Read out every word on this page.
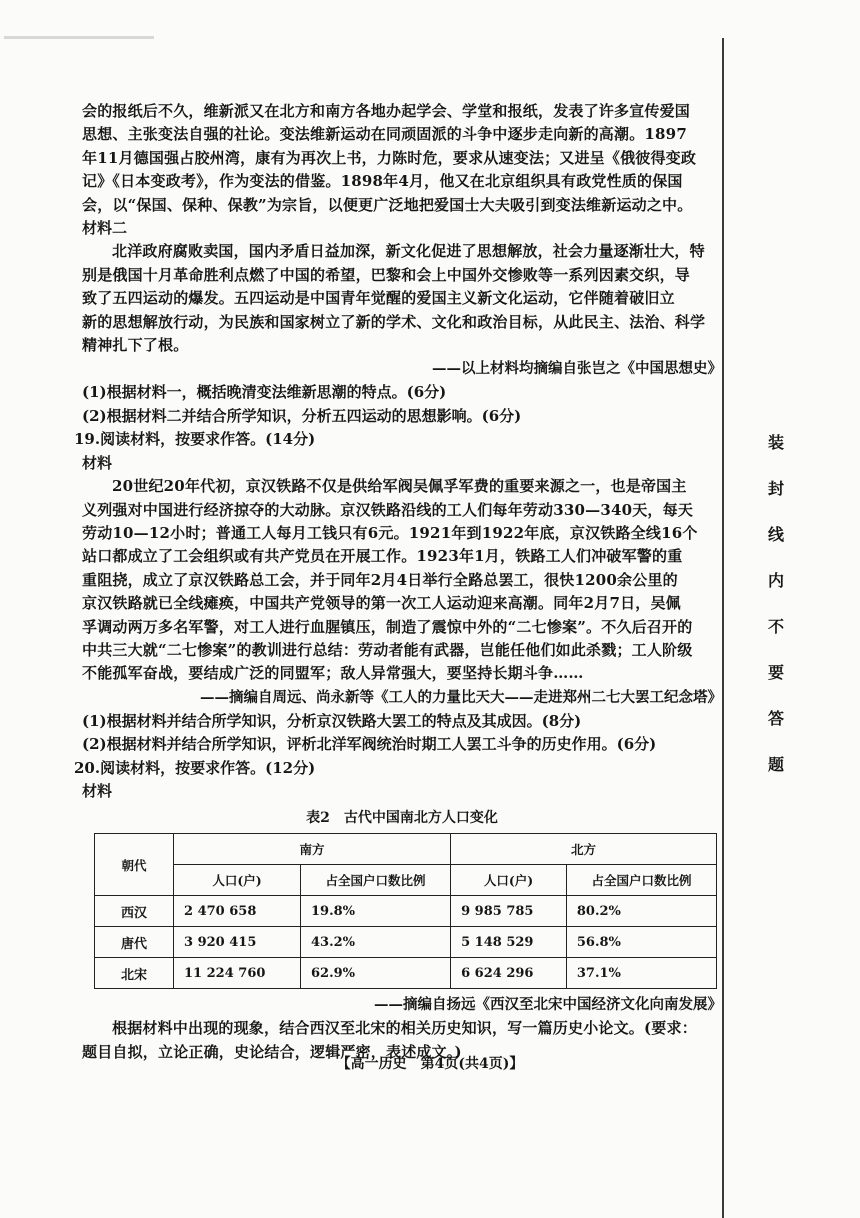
会的报纸后不久，维新派又在北方和南方各地办起学会、学堂和报纸，发表了许多宣传爱国

思想、主张变法自强的社论。变法维新运动在同顽固派的斗争中逐步走向新的高潮。1897

年11月德国强占胶州湾，康有为再次上书，力陈时危，要求从速变法；又进呈《俄彼得变政

记》《日本变政考》，作为变法的借鉴。1898年4月，他又在北京组织具有政党性质的保国

会，以“保国、保种、保教”为宗旨，以便更广泛地把爱国士大夫吸引到变法维新运动之中。

材料二

北洋政府腐败卖国，国内矛盾日益加深，新文化促进了思想解放，社会力量逐渐壮大，特

别是俄国十月革命胜利点燃了中国的希望，巴黎和会上中国外交惨败等一系列因素交织，导

致了五四运动的爆发。五四运动是中国青年觉醒的爱国主义新文化运动，它伴随着破旧立

新的思想解放行动，为民族和国家树立了新的学术、文化和政治目标，从此民主、法治、科学

精神扎下了根。

——以上材料均摘编自张岂之《中国思想史》

(1)根据材料一，概括晚清变法维新思潮的特点。(6分)

(2)根据材料二并结合所学知识，分析五四运动的思想影响。(6分)

19.阅读材料，按要求作答。(14分)

材料

20世纪20年代初，京汉铁路不仅是供给军阀吴佩孚军费的重要来源之一，也是帝国主

义列强对中国进行经济掠夺的大动脉。京汉铁路沿线的工人们每年劳动330—340天，每天

劳动10—12小时；普通工人每月工钱只有6元。1921年到1922年底，京汉铁路全线16个

站口都成立了工会组织或有共产党员在开展工作。1923年1月，铁路工人们冲破军警的重

重阻挠，成立了京汉铁路总工会，并于同年2月4日举行全路总罢工，很快1200余公里的

京汉铁路就已全线瘫痪，中国共产党领导的第一次工人运动迎来高潮。同年2月7日，吴佩

孚调动两万多名军警，对工人进行血腥镇压，制造了震惊中外的“二七惨案”。不久后召开的

中共三大就“二七惨案”的教训进行总结：劳动者能有武器，岂能任他们如此杀戮；工人阶级

不能孤军奋战，要结成广泛的同盟军；敌人异常强大，要坚持长期斗争……

——摘编自周远、尚永新等《工人的力量比天大——走进郑州二七大罢工纪念塔》

(1)根据材料并结合所学知识，分析京汉铁路大罢工的特点及其成因。(8分)

(2)根据材料并结合所学知识，评析北洋军阀统治时期工人罢工斗争的历史作用。(6分)

20.阅读材料，按要求作答。(12分)

材料

表2　古代中国南北方人口变化

朝代	南方		北方	
	人口(户)	占全国户口数比例	人口(户)	占全国户口数比例
西汉	2 470 658	19.8%	9 985 785	80.2%
唐代	3 920 415	43.2%	5 148 529	56.8%
北宋	11 224 760	62.9%	6 624 296	37.1%

——摘编自扬远《西汉至北宋中国经济文化向南发展》

根据材料中出现的现象，结合西汉至北宋的相关历史知识，写一篇历史小论文。(要求：

题目自拟，立论正确，史论结合，逻辑严密，表述成文。)

装
封
线
内
不
要
答
题
【高一历史　第4页(共4页)】
